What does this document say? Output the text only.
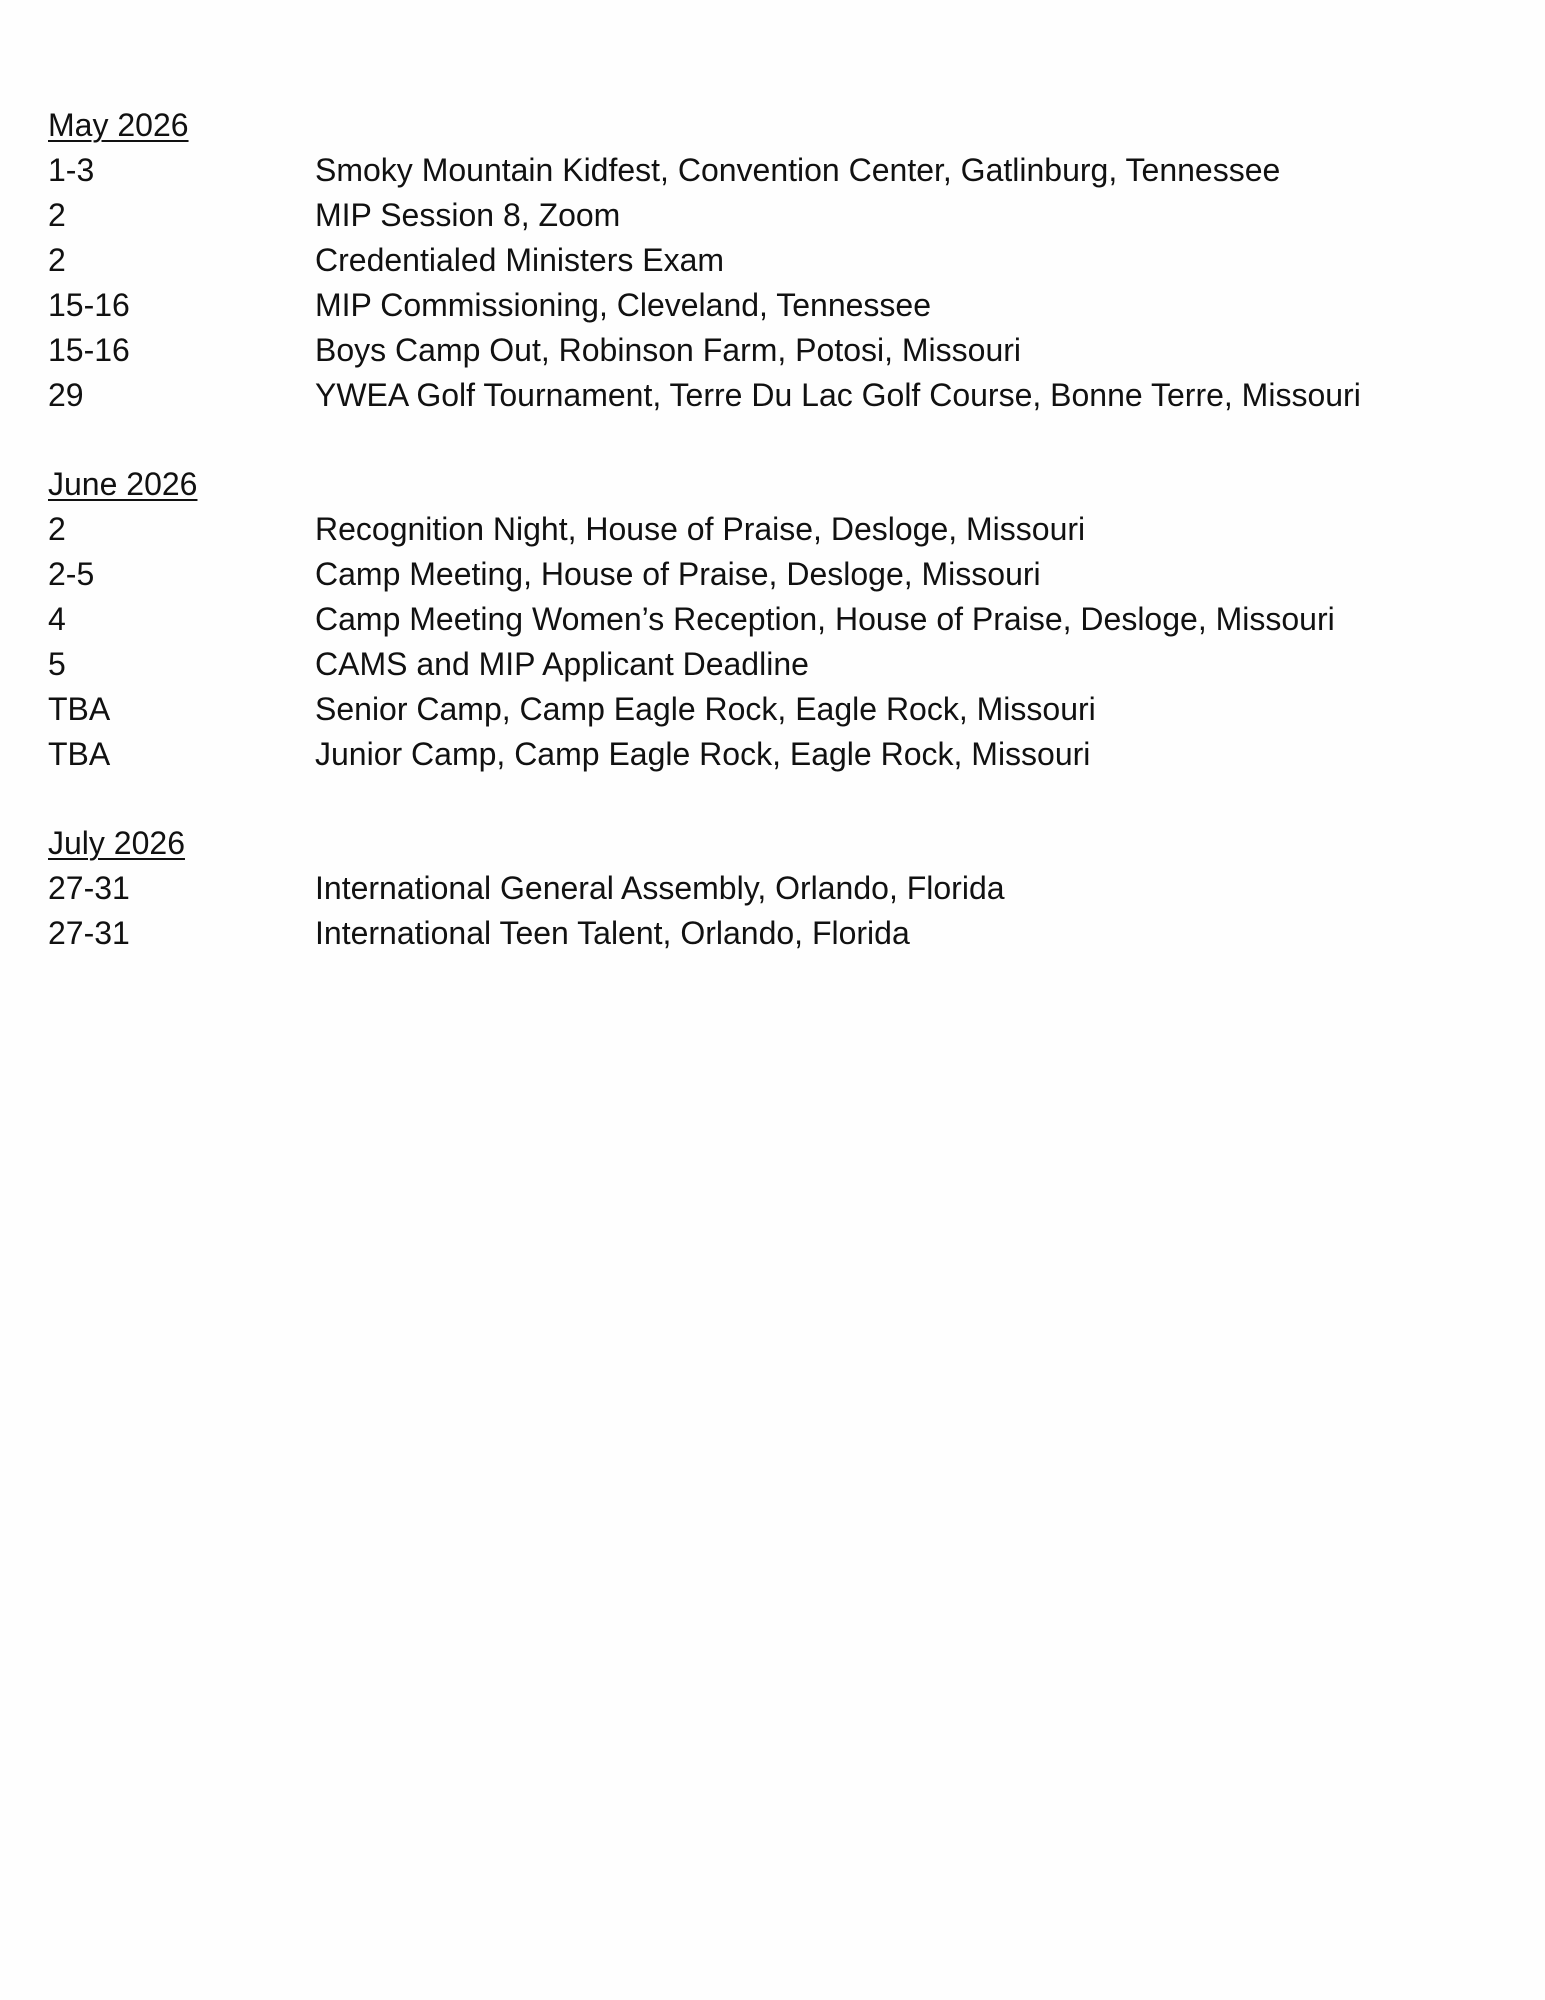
May 2026
1-3	Smoky Mountain Kidfest, Convention Center, Gatlinburg, Tennessee
2	MIP Session 8, Zoom
2	Credentialed Ministers Exam
15-16	MIP Commissioning, Cleveland, Tennessee
15-16	Boys Camp Out, Robinson Farm, Potosi, Missouri
29	YWEA Golf Tournament, Terre Du Lac Golf Course, Bonne Terre, Missouri
June 2026
2	Recognition Night, House of Praise, Desloge, Missouri
2-5	Camp Meeting, House of Praise, Desloge, Missouri
4	Camp Meeting Women’s Reception, House of Praise, Desloge, Missouri
5	CAMS and MIP Applicant Deadline
TBA	Senior Camp, Camp Eagle Rock, Eagle Rock, Missouri
TBA	Junior Camp, Camp Eagle Rock, Eagle Rock, Missouri
July 2026
27-31	International General Assembly, Orlando, Florida
27-31	International Teen Talent, Orlando, Florida
